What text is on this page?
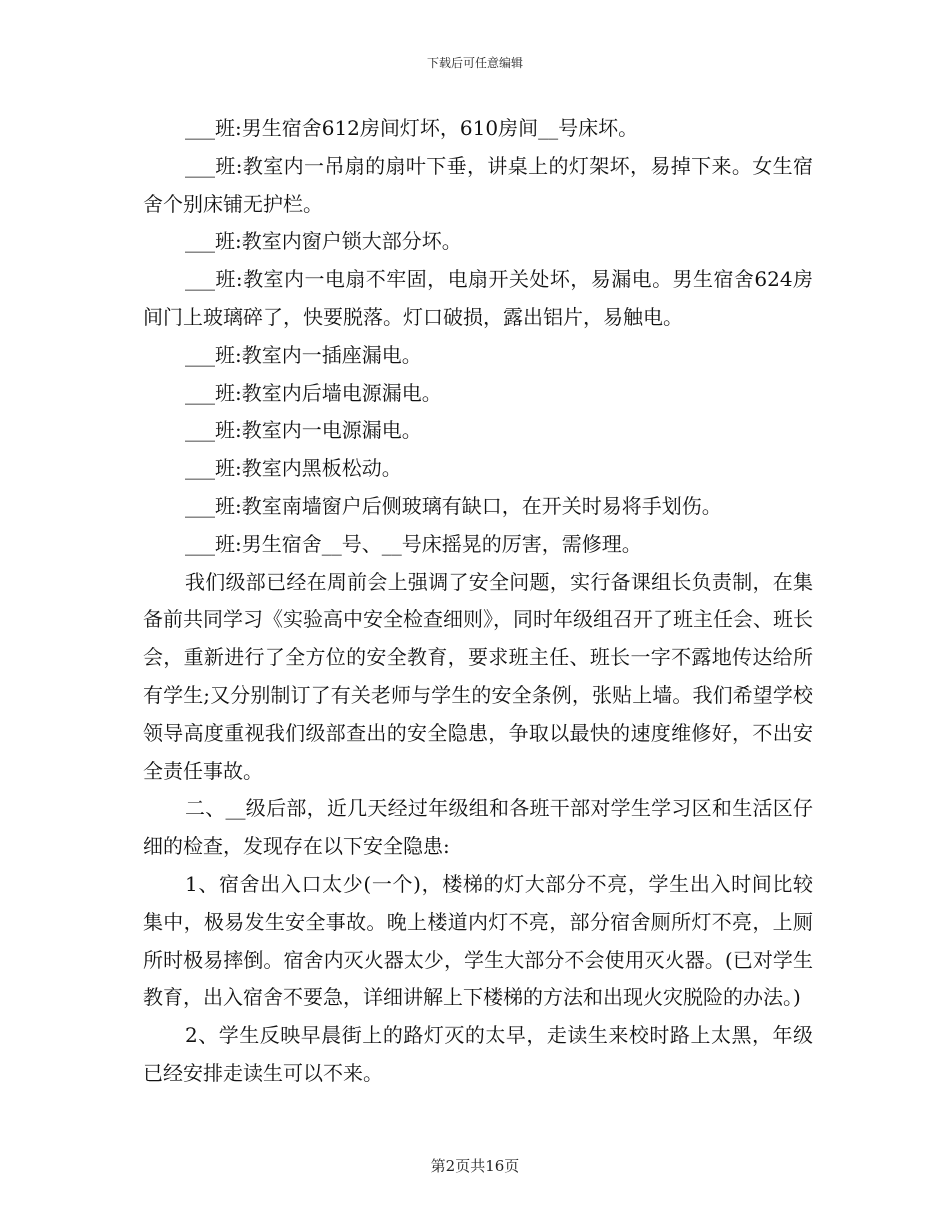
下载后可任意编辑

___班:男生宿舍612房间灯坏，610房间__号床坏。

___班:教室内一吊扇的扇叶下垂，讲桌上的灯架坏，易掉下来。女生宿舍个别床铺无护栏。

___班:教室内窗户锁大部分坏。

___班:教室内一电扇不牢固，电扇开关处坏，易漏电。男生宿舍624房间门上玻璃碎了，快要脱落。灯口破损，露出铝片，易触电。

___班:教室内一插座漏电。

___班:教室内后墙电源漏电。

___班:教室内一电源漏电。

___班:教室内黑板松动。

___班:教室南墙窗户后侧玻璃有缺口，在开关时易将手划伤。

___班:男生宿舍__号、__号床摇晃的厉害，需修理。

我们级部已经在周前会上强调了安全问题，实行备课组长负责制，在集备前共同学习《实验高中安全检查细则》，同时年级组召开了班主任会、班长会，重新进行了全方位的安全教育，要求班主任、班长一字不露地传达给所有学生;又分别制订了有关老师与学生的安全条例，张贴上墙。我们希望学校领导高度重视我们级部查出的安全隐患，争取以最快的速度维修好，不出安全责任事故。

二、__级后部，近几天经过年级组和各班干部对学生学习区和生活区仔细的检查，发现存在以下安全隐患:

1、宿舍出入口太少(一个)，楼梯的灯大部分不亮，学生出入时间比较集中，极易发生安全事故。晚上楼道内灯不亮，部分宿舍厕所灯不亮，上厕所时极易摔倒。宿舍内灭火器太少，学生大部分不会使用灭火器。(已对学生教育，出入宿舍不要急，详细讲解上下楼梯的方法和出现火灾脱险的办法。)

2、学生反映早晨街上的路灯灭的太早，走读生来校时路上太黑，年级已经安排走读生可以不来。

第2页共16页
